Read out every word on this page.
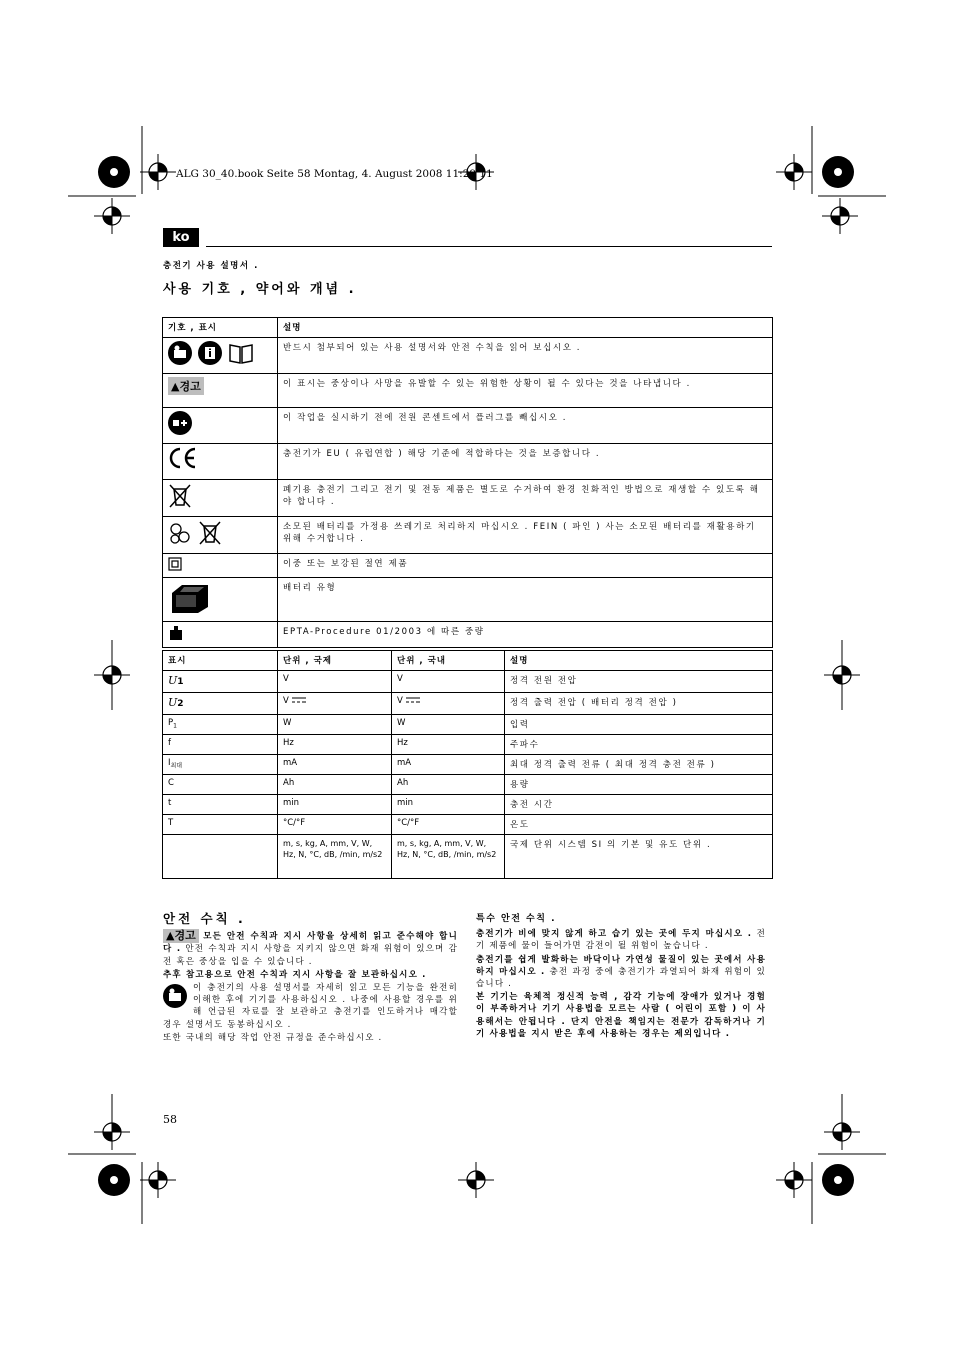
ALG 30_40.book Seite 58 Montag, 4. August 2008 11:29 11
ko
충전기 사용 설명서 .
사용 기호 , 약어와 개념 .
기호 , 표시	설명

	반드시 첨부되어 있는 사용 설명서와 안전 수칙을 읽어 보십시오 .
▲경고	이 표시는 중상이나 사망을 유발할 수 있는 위험한 상황이 될 수 있다는 것을 나타냅니다 .
	이 작업을 실시하기 전에 전원 콘센트에서 플러그를 빼십시오 .
	충전기가 EU ( 유럽연합 ) 해당 기준에 적합하다는 것을 보증합니다 .
	폐기용 충전기 그리고 전기 및 전동 제품은 별도로 수거하여 환경 친화적인 방법으로 재생할 수 있도록 해야 합니다 .

	소모된 배터리를 가정용 쓰레기로 처리하지 마십시오 . FEIN ( 파인 ) 사는 소모된 배터리를 재활용하기 위해 수거합니다 .
	이중 또는 보강된 절연 제품
	배터리 유형
	EPTA-Procedure 01/2003 에 따른 중량
표시	단위 , 국제	단위 , 국내	설명
U1	V	V	정격 전원 전압
U2	V	V	정격 출력 전압 ( 배터리 정격 전압 )
$P_1$	W	W	입력
f	Hz	Hz	주파수
$I_{최대}$	mA	mA	최대 정격 출력 전류 ( 최대 정격 충전 전류 )
C	Ah	Ah	용량
t	min	min	충전 시간
T	°C/°F	°C/°F	온도
	m, s, kg, A, mm, V, W, Hz, N, °C, dB, /min, m/s2	m, s, kg, A, mm, V, W, Hz, N, °C, dB, /min, m/s2	국제 단위 시스템 SI 의 기본 및 유도 단위 .
안전 수칙 .

▲경고 모든 안전 수칙과 지시 사항을 상세히 읽고 준수해야 합니다 . 안전 수칙과 지시 사항을 지키지 않으면 화재 위험이 있으며 감전 혹은 중상을 입을 수 있습니다 .

추후 참고용으로 안전 수칙과 지시 사항을 잘 보관하십시오 .

이 충전기의 사용 설명서를 자세히 읽고 모든 기능을 완전히 이해한 후에 기기를 사용하십시오 . 나중에 사용할 경우를 위해 언급된 자료를 잘 보관하고 충전기를 인도하거나 매각할 경우 설명서도 동봉하십시오 .

또한 국내의 해당 작업 안전 규정을 준수하십시오 .

특수 안전 수칙 .

충전기가 비에 맞지 않게 하고 습기 있는 곳에 두지 마십시오 . 전기 제품에 물이 들어가면 감전이 될 위험이 높습니다 .

충전기를 쉽게 발화하는 바닥이나 가연성 물질이 있는 곳에서 사용하지 마십시오 . 충전 과정 중에 충전기가 과열되어 화재 위험이 있습니다 .

본 기기는 육체적 정신적 능력 , 감각 기능에 장애가 있거나 경험이 부족하거나 기기 사용법을 모르는 사람 ( 어린이 포함 ) 이 사용해서는 안됩니다 . 단지 안전을 책임지는 전문가 감독하거나 기기 사용법을 지시 받은 후에 사용하는 경우는 제외입니다 .

58
